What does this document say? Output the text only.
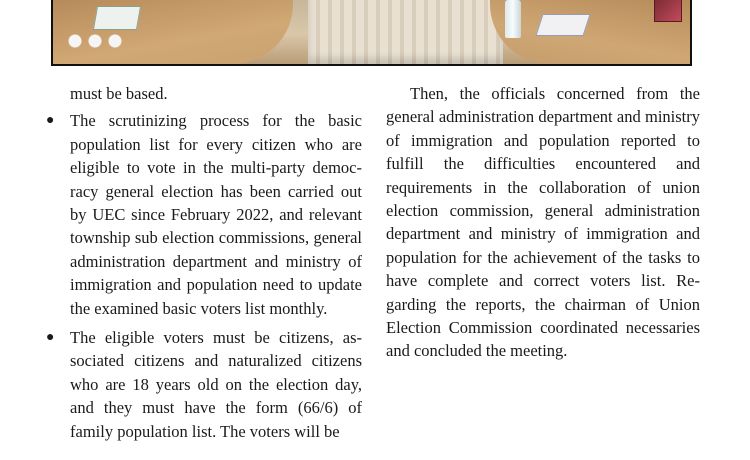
must be based.

● The scrutinizing process for the basic population list for every citizen who are eligible to vote in the multi-party democracy general election has been carried out by UEC since February 2022, and relevant township sub election commissions, general administration department and ministry of immigration and population need to update the examined basic voters list monthly.

● The eligible voters must be citizens, associated citizens and naturalized citizens who are 18 years old on the election day, and they must have the form (66/6) of family population list. The voters will be

Then, the officials concerned from the general administration department and ministry of immigration and population reported to fulfill the difficulties encountered and requirements in the collaboration of union election commission, general administration department and ministry of immigration and population for the achievement of the tasks to have complete and correct voters list. Regarding the reports, the chairman of Union Election Commission coordinated necessaries and concluded the meeting.
